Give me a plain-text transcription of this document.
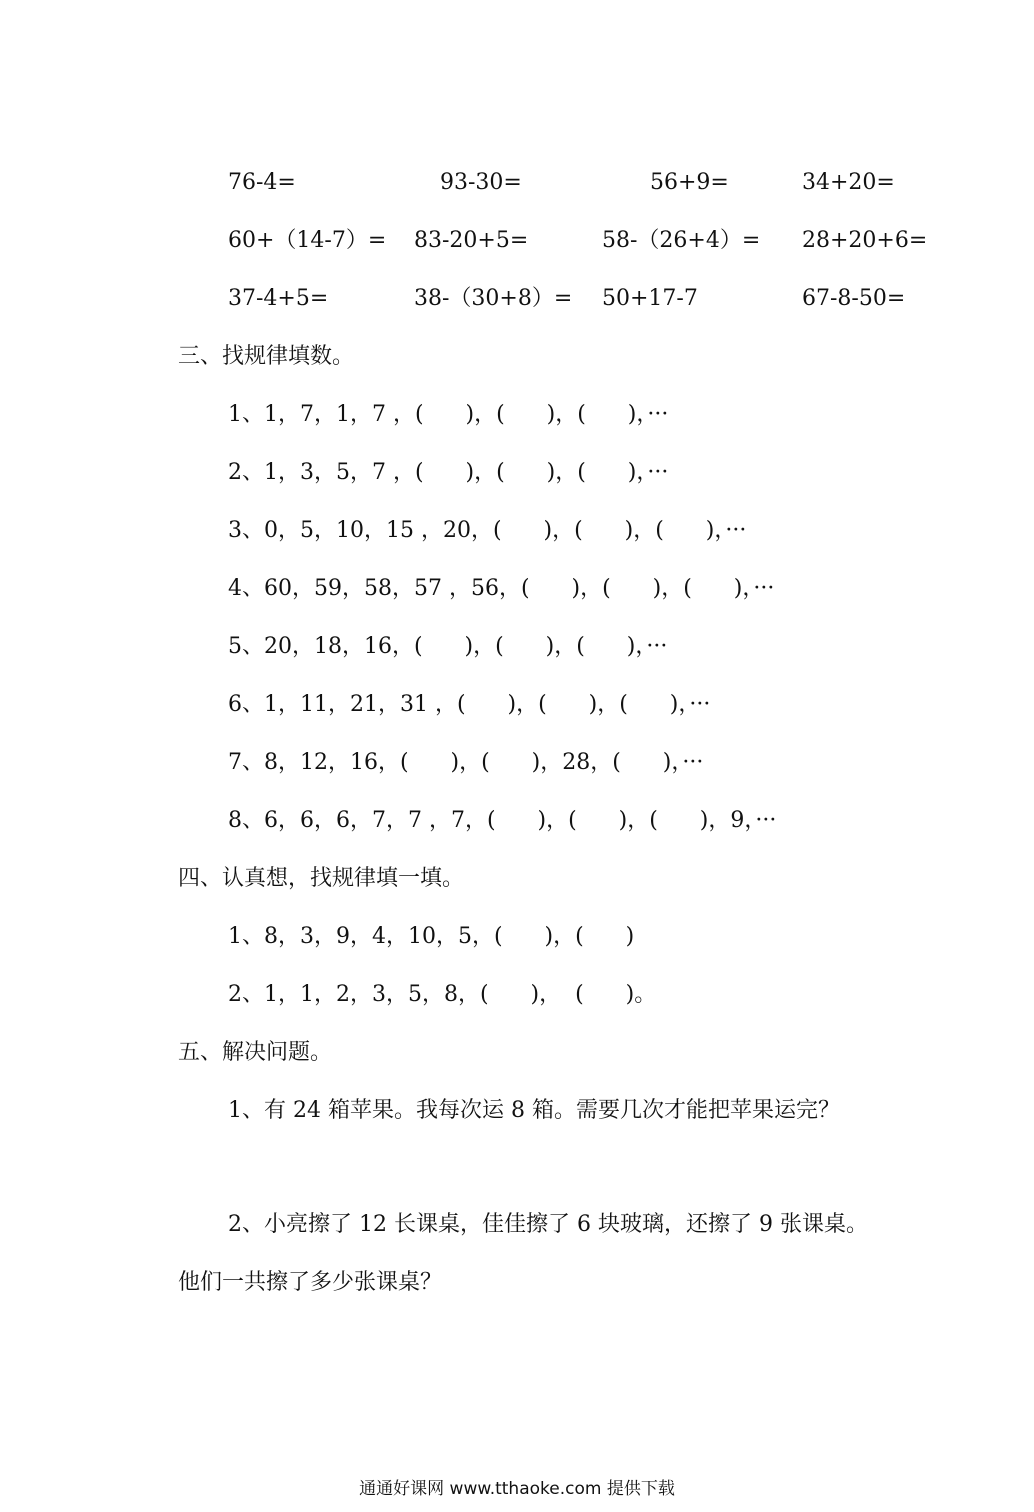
76-4=	93-30=	56+9=	34+20=
60+（14-7）= 83-20+5=	58-（26+4）= 28+20+6=
37-4+5=	38-（30+8）= 50+17-7	67-8-50=
三、找规律填数。
1、1，7，1，7 ，(      )，(      )，(      )，···
2、1，3，5，7 ，(      )，(      )，(      )，···
3、0，5，10，15 ，20，(      )，(      )，(      )，···
4、60，59，58，57 ，56，(      )，(      )，(      )，···
5、20，18，16，(      )，(      )，(      )，···
6、1，11，21，31 ，(      )，(      )，(      )，···
7、8，12，16，(      )，(      )，28，(      )，···
8、6，6，6，7，7 ，7，(      )，(      )，(      )，9，···
四、认真想，找规律填一填。
1、8，3，9，4，10，5，(      )，(      )
2、1，1，2，3，5，8，(      )，  (      )。
五、解决问题。
1、有 24 箱苹果。我每次运 8 箱。需要几次才能把苹果运完？
2、小亮擦了 12 长课桌，佳佳擦了 6 块玻璃，还擦了 9 张课桌。
他们一共擦了多少张课桌？
通通好课网 www.tthaoke.com 提供下载
